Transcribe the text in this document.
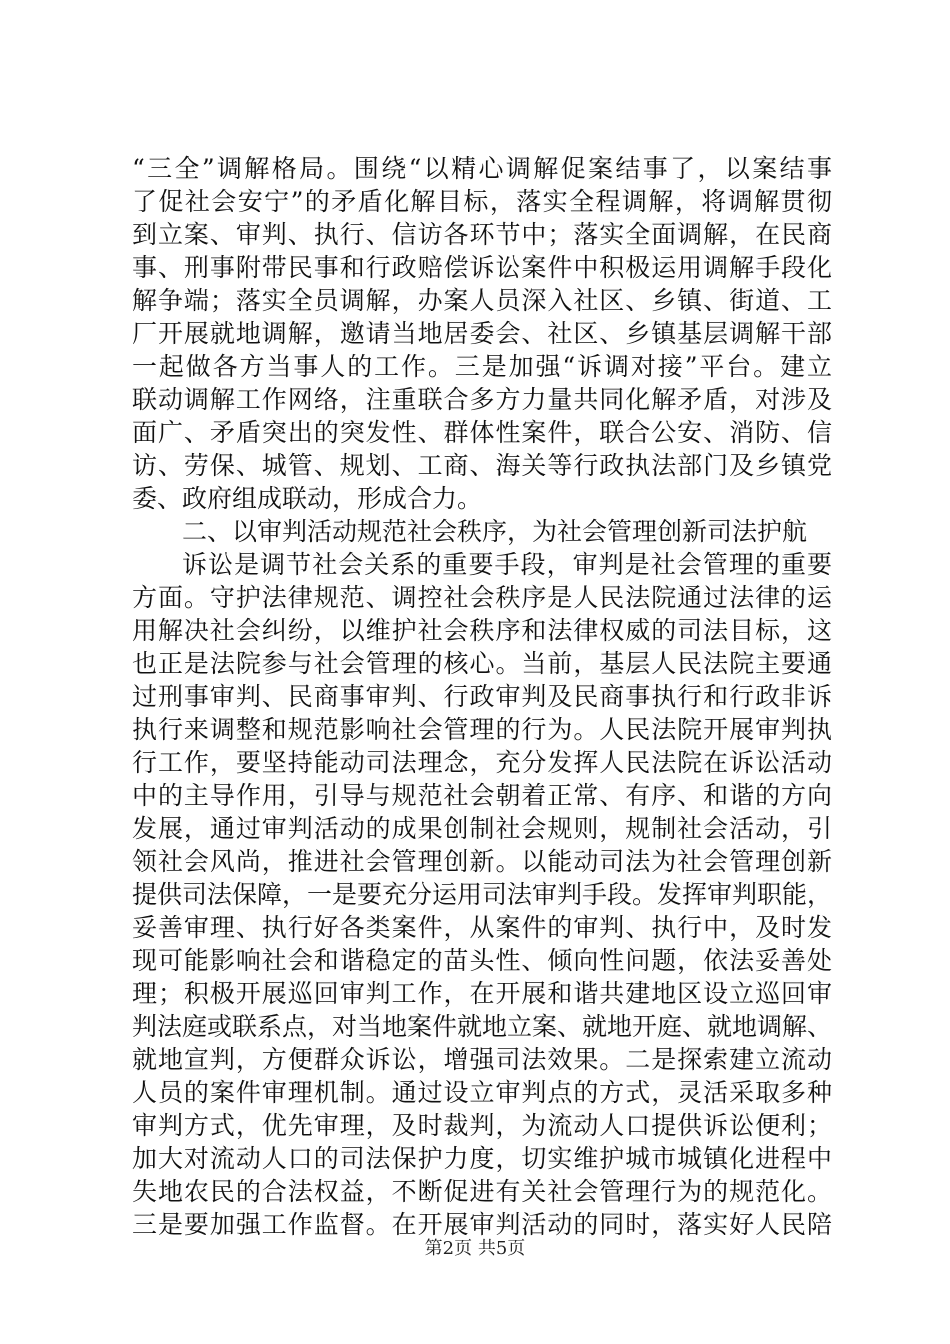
“三全”调解格局。围绕“以精心调解促案结事了，以案结事
了促社会安宁”的矛盾化解目标，落实全程调解，将调解贯彻
到立案、审判、执行、信访各环节中；落实全面调解，在民商
事、刑事附带民事和行政赔偿诉讼案件中积极运用调解手段化
解争端；落实全员调解，办案人员深入社区、乡镇、街道、工
厂开展就地调解，邀请当地居委会、社区、乡镇基层调解干部
一起做各方当事人的工作。三是加强“诉调对接”平台。建立
联动调解工作网络，注重联合多方力量共同化解矛盾，对涉及
面广、矛盾突出的突发性、群体性案件，联合公安、消防、信
访、劳保、城管、规划、工商、海关等行政执法部门及乡镇党
委、政府组成联动，形成合力。
二、以审判活动规范社会秩序，为社会管理创新司法护航
诉讼是调节社会关系的重要手段，审判是社会管理的重要
方面。守护法律规范、调控社会秩序是人民法院通过法律的运
用解决社会纠纷，以维护社会秩序和法律权威的司法目标，这
也正是法院参与社会管理的核心。当前，基层人民法院主要通
过刑事审判、民商事审判、行政审判及民商事执行和行政非诉
执行来调整和规范影响社会管理的行为。人民法院开展审判执
行工作，要坚持能动司法理念，充分发挥人民法院在诉讼活动
中的主导作用，引导与规范社会朝着正常、有序、和谐的方向
发展，通过审判活动的成果创制社会规则，规制社会活动，引
领社会风尚，推进社会管理创新。以能动司法为社会管理创新
提供司法保障，一是要充分运用司法审判手段。发挥审判职能，
妥善审理、执行好各类案件，从案件的审判、执行中，及时发
现可能影响社会和谐稳定的苗头性、倾向性问题，依法妥善处
理；积极开展巡回审判工作，在开展和谐共建地区设立巡回审
判法庭或联系点，对当地案件就地立案、就地开庭、就地调解、
就地宣判，方便群众诉讼，增强司法效果。二是探索建立流动
人员的案件审理机制。通过设立审判点的方式，灵活采取多种
审判方式，优先审理，及时裁判，为流动人口提供诉讼便利；
加大对流动人口的司法保护力度，切实维护城市城镇化进程中
失地农民的合法权益，不断促进有关社会管理行为的规范化。
三是要加强工作监督。在开展审判活动的同时，落实好人民陪
第2页 共5页
